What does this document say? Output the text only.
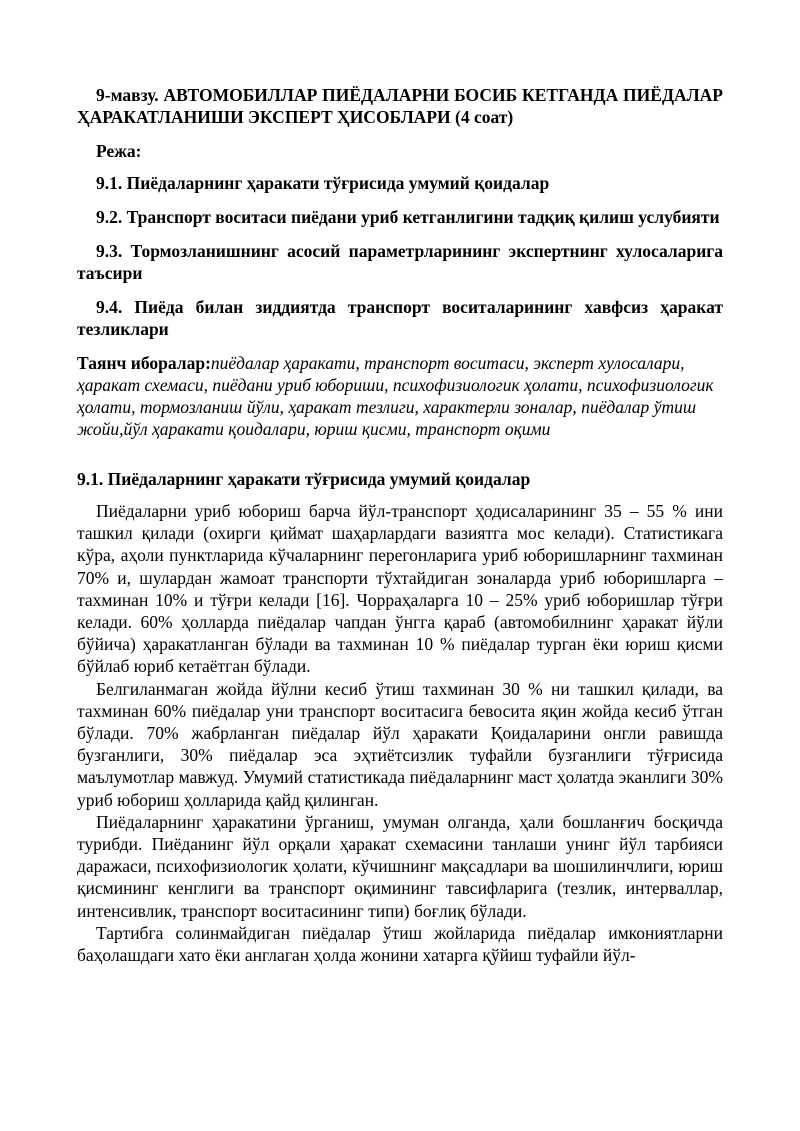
9-мавзу. АВТОМОБИЛЛАР ПИЁДАЛАРНИ БОСИБ КЕТГАНДА ПИЁДАЛАР ҲАРАКАТЛАНИШИ ЭКСПЕРТ ҲИСОБЛАРИ (4 соат)

Режа:

9.1. Пиёдаларнинг ҳаракати тўғрисида умумий қоидалар

9.2. Транспорт воситаси пиёдани уриб кетганлигини тадқиқ қилиш услубияти

9.3. Тормозланишнинг асосий параметрларининг экспертнинг хулосаларига таъсири

9.4. Пиёда билан зиддиятда транспорт воситаларининг хавфсиз ҳаракат тезликлари

Таянч иборалар:пиёдалар ҳаракати, транспорт воситаси, эксперт хулосалари, ҳаракат схемаси, пиёдани уриб юбориши, психофизиологик ҳолати, психофизиологик ҳолати, тормозланиш йўли, ҳаракат тезлиги, характерли зоналар, пиёдалар ўтиш жойи,йўл ҳаракати қоидалари, юриш қисми, транспорт оқими

9.1. Пиёдаларнинг ҳаракати тўғрисида умумий қоидалар

Пиёдаларни уриб юбориш барча йўл-транспорт ҳодисаларининг 35 – 55 % ини ташкил қилади (охирги қиймат шаҳарлардаги вазиятга мос келади). Статистикага кўра, аҳоли пунктларида кўчаларнинг перегонларига уриб юборишларнинг тахминан 70% и, шулардан жамоат транспорти тўхтайдиган зоналарда уриб юборишларга – тахминан 10% и тўғри келади [16]. Чорраҳаларга 10 – 25% уриб юборишлар тўғри келади. 60% ҳолларда пиёдалар чапдан ўнгга қараб (автомобилнинг ҳаракат йўли бўйича) ҳаракатланган бўлади ва тахминан 10 % пиёдалар турган ёки юриш қисми бўйлаб юриб кетаётган бўлади.

Белгиланмаган жойда йўлни кесиб ўтиш тахминан 30 % ни ташкил қилади, ва тахминан 60% пиёдалар уни транспорт воситасига бевосита яқин жойда кесиб ўтган бўлади. 70% жабрланган пиёдалар йўл ҳаракати Қоидаларини онгли равишда бузганлиги, 30% пиёдалар эса эҳтиётсизлик туфайли бузганлиги тўғрисида маълумотлар мавжуд. Умумий статистикада пиёдаларнинг маст ҳолатда эканлиги 30% уриб юбориш ҳолларида қайд қилинган.

Пиёдаларнинг ҳаракатини ўрганиш, умуман олганда, ҳали бошланғич босқичда турибди. Пиёданинг йўл орқали ҳаракат схемасини танлаши унинг йўл тарбияси даражаси, психофизиологик ҳолати, кўчишнинг мақсадлари ва шошилинчлиги, юриш қисмининг кенглиги ва транспорт оқимининг тавсифларига (тезлик, интерваллар, интенсивлик, транспорт воситасининг типи) боғлиқ бўлади.

Тартибга солинмайдиган пиёдалар ўтиш жойларида пиёдалар имкониятларни баҳолашдаги хато ёки англаган ҳолда жонини хатарга қўйиш туфайли йўл-
